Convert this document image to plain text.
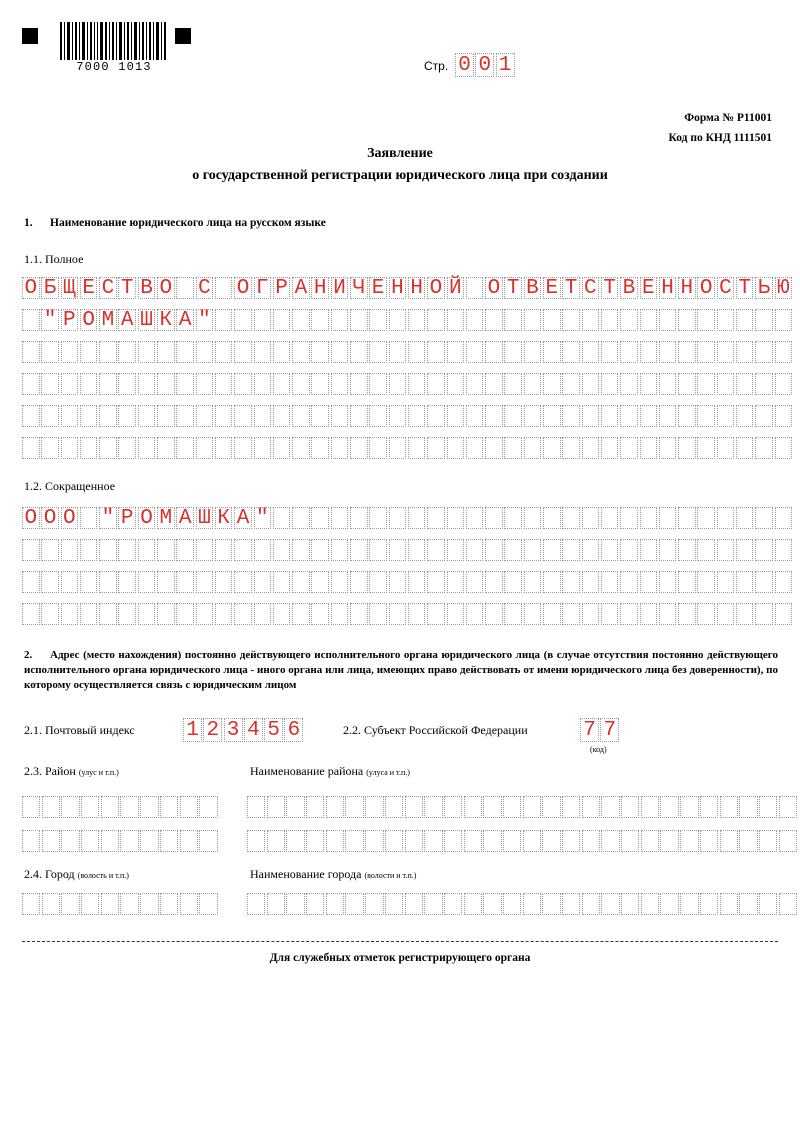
7000 1013	Стр. 0 0 1
Форма № Р11001
Код по КНД 1111501
Заявление
о государственной регистрации юридического лица при создании
1. Наименование юридического лица на русском языке
1.1. Полное
О Б Щ Е С Т В О С О Г Р А Н И Ч Е Н Н О Й О Т В Е Т С Т В Е Н Н О С Т Ь Ю
" Р О М А Ш К А "
1.2. Сокращенное
О О О " Р О М А Ш К А "
2. Адрес (место нахождения) постоянно действующего исполнительного органа юридического лица (в случае отсутствия постоянно действующего исполнительного органа юридического лица - иного органа или лица, имеющих право действовать от имени юридического лица без доверенности), по которому осуществляется связь с юридическим лицом
2.1. Почтовый индекс 1 2 3 4 5 6	2.2. Субъект Российской Федерации	7 7
(код)
2.3. Район (улус и т.п.)	Наименование района (улуса и т.п.)
2.4. Город (волость и т.п.)	Наименование города (волости и т.п.)
Для служебных отметок регистрирующего органа
